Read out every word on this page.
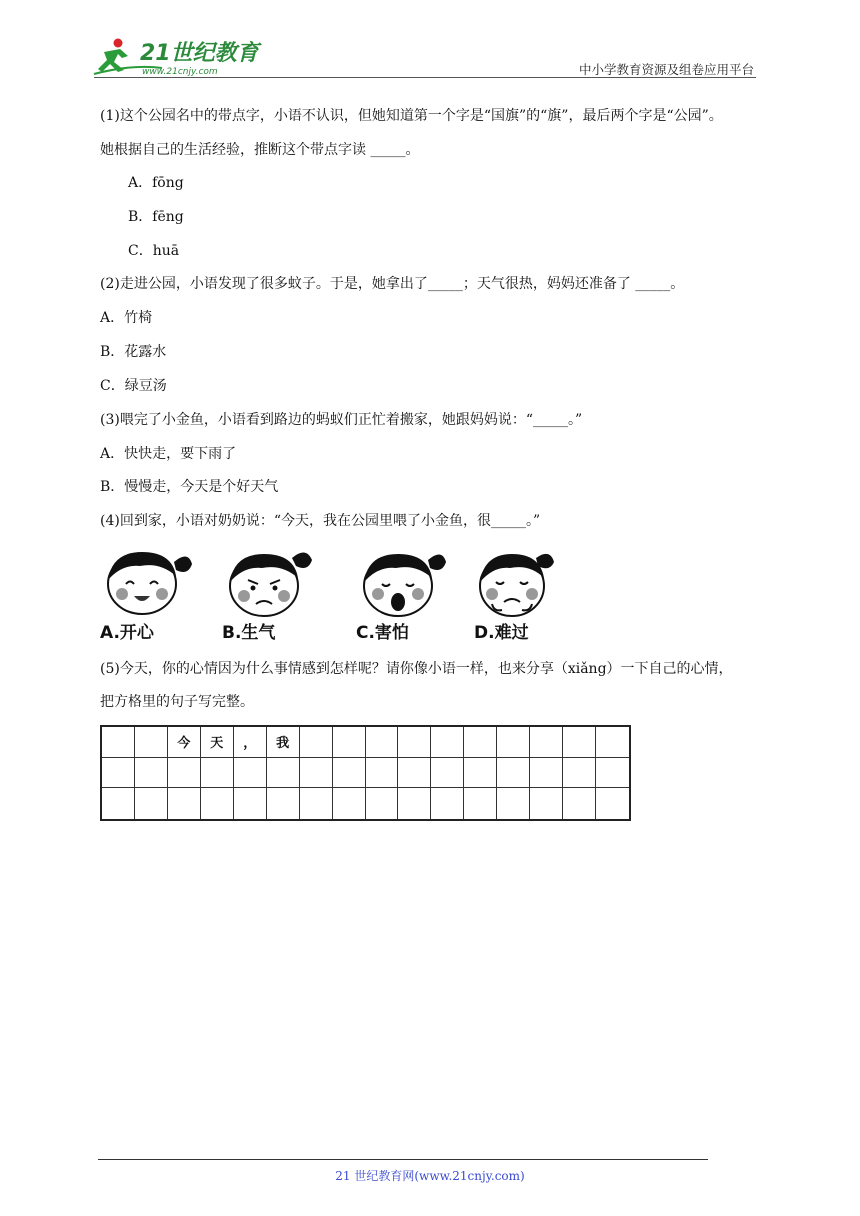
21世纪教育
www.21cnjy.com	中小学教育资源及组卷应用平台
(1)这个公园名中的带点字，小语不认识，但她知道第一个字是“国旗”的“旗”，最后两个字是“公园”。
她根据自己的生活经验，推断这个带点字读 _____。
A．fōng
B．fēng
C．huā
(2)走进公园，小语发现了很多蚊子。于是，她拿出了_____；天气很热，妈妈还准备了 _____。
A．竹椅
B．花露水
C．绿豆汤
(3)喂完了小金鱼，小语看到路边的蚂蚁们正忙着搬家，她跟妈妈说：“_____。”
A．快快走，要下雨了
B．慢慢走，今天是个好天气
(4)回到家，小语对奶奶说：“今天，我在公园里喂了小金鱼，很_____。”
A.开心	B.生气	C.害怕	D.难过
(5)今天，你的心情因为什么事情感到怎样呢？请你像小语一样，也来分享（xiǎng）一下自己的心情，
把方格里的句子写完整。
今	天	，	我
21 世纪教育网(www.21cnjy.com)
